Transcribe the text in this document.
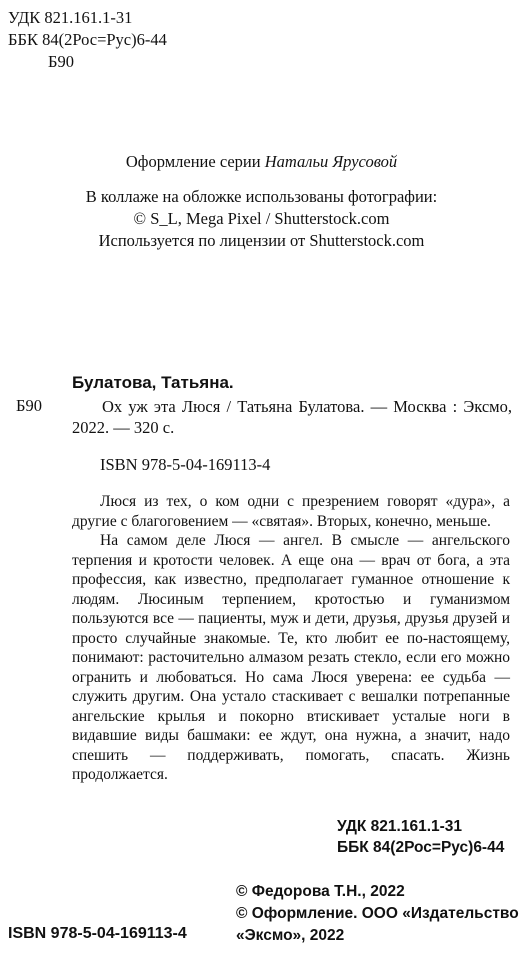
УДК 821.161.1-31
ББК 84(2Рос=Рус)6-44
Б90
Оформление серии Натальи Ярусовой
В коллаже на обложке использованы фотографии:
© S_L, Mega Pixel / Shutterstock.com
Используется по лицензии от Shutterstock.com
Булатова, Татьяна.
Б90	Ох уж эта Люся / Татьяна Булатова. — Москва : Эксмо, 2022. — 320 с.

ISBN 978-5-04-169113-4

Люся из тех, о ком одни с презрением говорят «дура», а другие с благоговением — «святая». Вторых, конечно, меньше.

На самом деле Люся — ангел. В смысле — ангельского терпения и кротости человек. А еще она — врач от бога, а эта профессия, как известно, предполагает гуманное отношение к людям. Люсиным терпением, кротостью и гуманизмом пользуются все — пациенты, муж и дети, друзья, друзья друзей и просто случайные знакомые. Те, кто любит ее по-настоящему, понимают: расточительно алмазом резать стекло, если его можно огранить и любоваться. Но сама Люся уверена: ее судьба — служить другим. Она устало стаскивает с вешалки потрепанные ангельские крылья и покорно втискивает усталые ноги в видавшие виды башмаки: ее ждут, она нужна, а значит, надо спешить — поддерживать, помогать, спасать. Жизнь продолжается.

УДК 821.161.1-31
ББК 84(2Рос=Рус)6-44
ISBN 978-5-04-169113-4
© Федорова Т.Н., 2022
© Оформление. ООО «Издательство
«Эксмо», 2022
